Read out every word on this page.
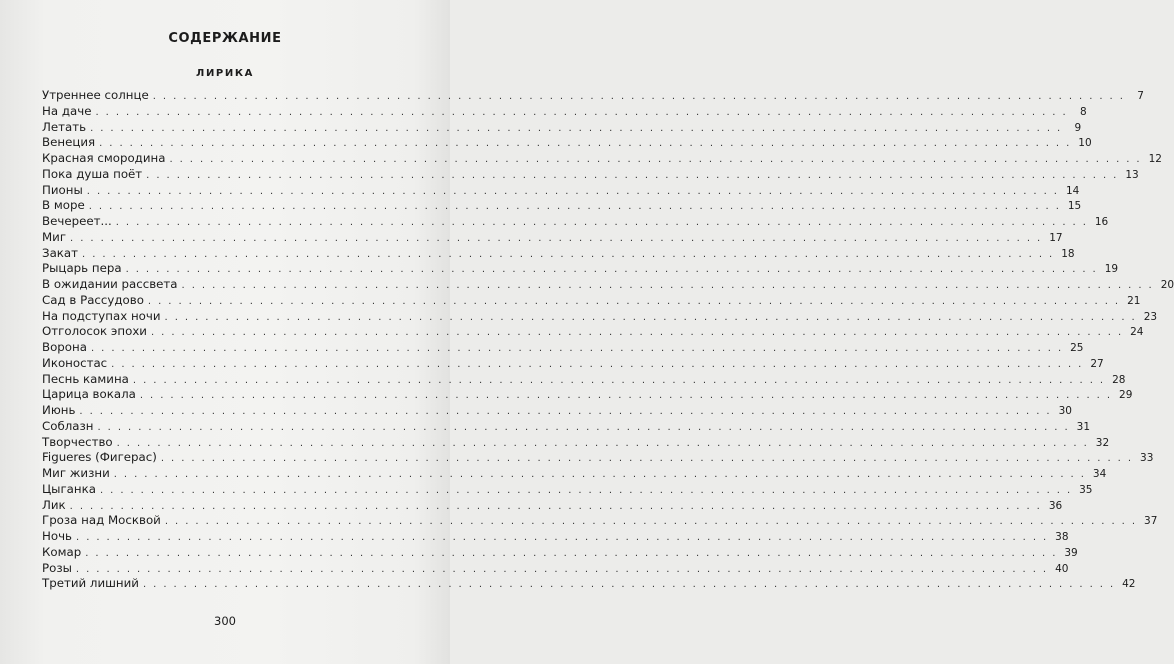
СОДЕРЖАНИЕ
ЛИРИКА
Утреннее солнце ................................................................................................ 7
На даче ................................................................................................ 8
Летать ................................................................................................ 9
Венеция ................................................................................................ 10
Красная смородина ................................................................................................ 12
Пока душа поёт ................................................................................................ 13
Пионы ................................................................................................ 14
В море ................................................................................................ 15
Вечереет... ................................................................................................ 16
Миг ................................................................................................ 17
Закат ................................................................................................ 18
Рыцарь пера ................................................................................................ 19
В ожидании рассвета ................................................................................................ 20
Сад в Рассудово ................................................................................................ 21
На подступах ночи ................................................................................................ 23
Отголосок эпохи ................................................................................................ 24
Ворона ................................................................................................ 25
Иконостас ................................................................................................ 27
Песнь камина ................................................................................................ 28
Царица вокала ................................................................................................ 29
Июнь ................................................................................................ 30
Соблазн ................................................................................................ 31
Творчество ................................................................................................ 32
Figueres (Фигерас) ................................................................................................ 33
Миг жизни ................................................................................................ 34
Цыганка ................................................................................................ 35
Лик ................................................................................................ 36
Гроза над Москвой ................................................................................................ 37
Ночь ................................................................................................ 38
Комар ................................................................................................ 39
Розы ................................................................................................ 40
Третий лишний ................................................................................................ 42

300
